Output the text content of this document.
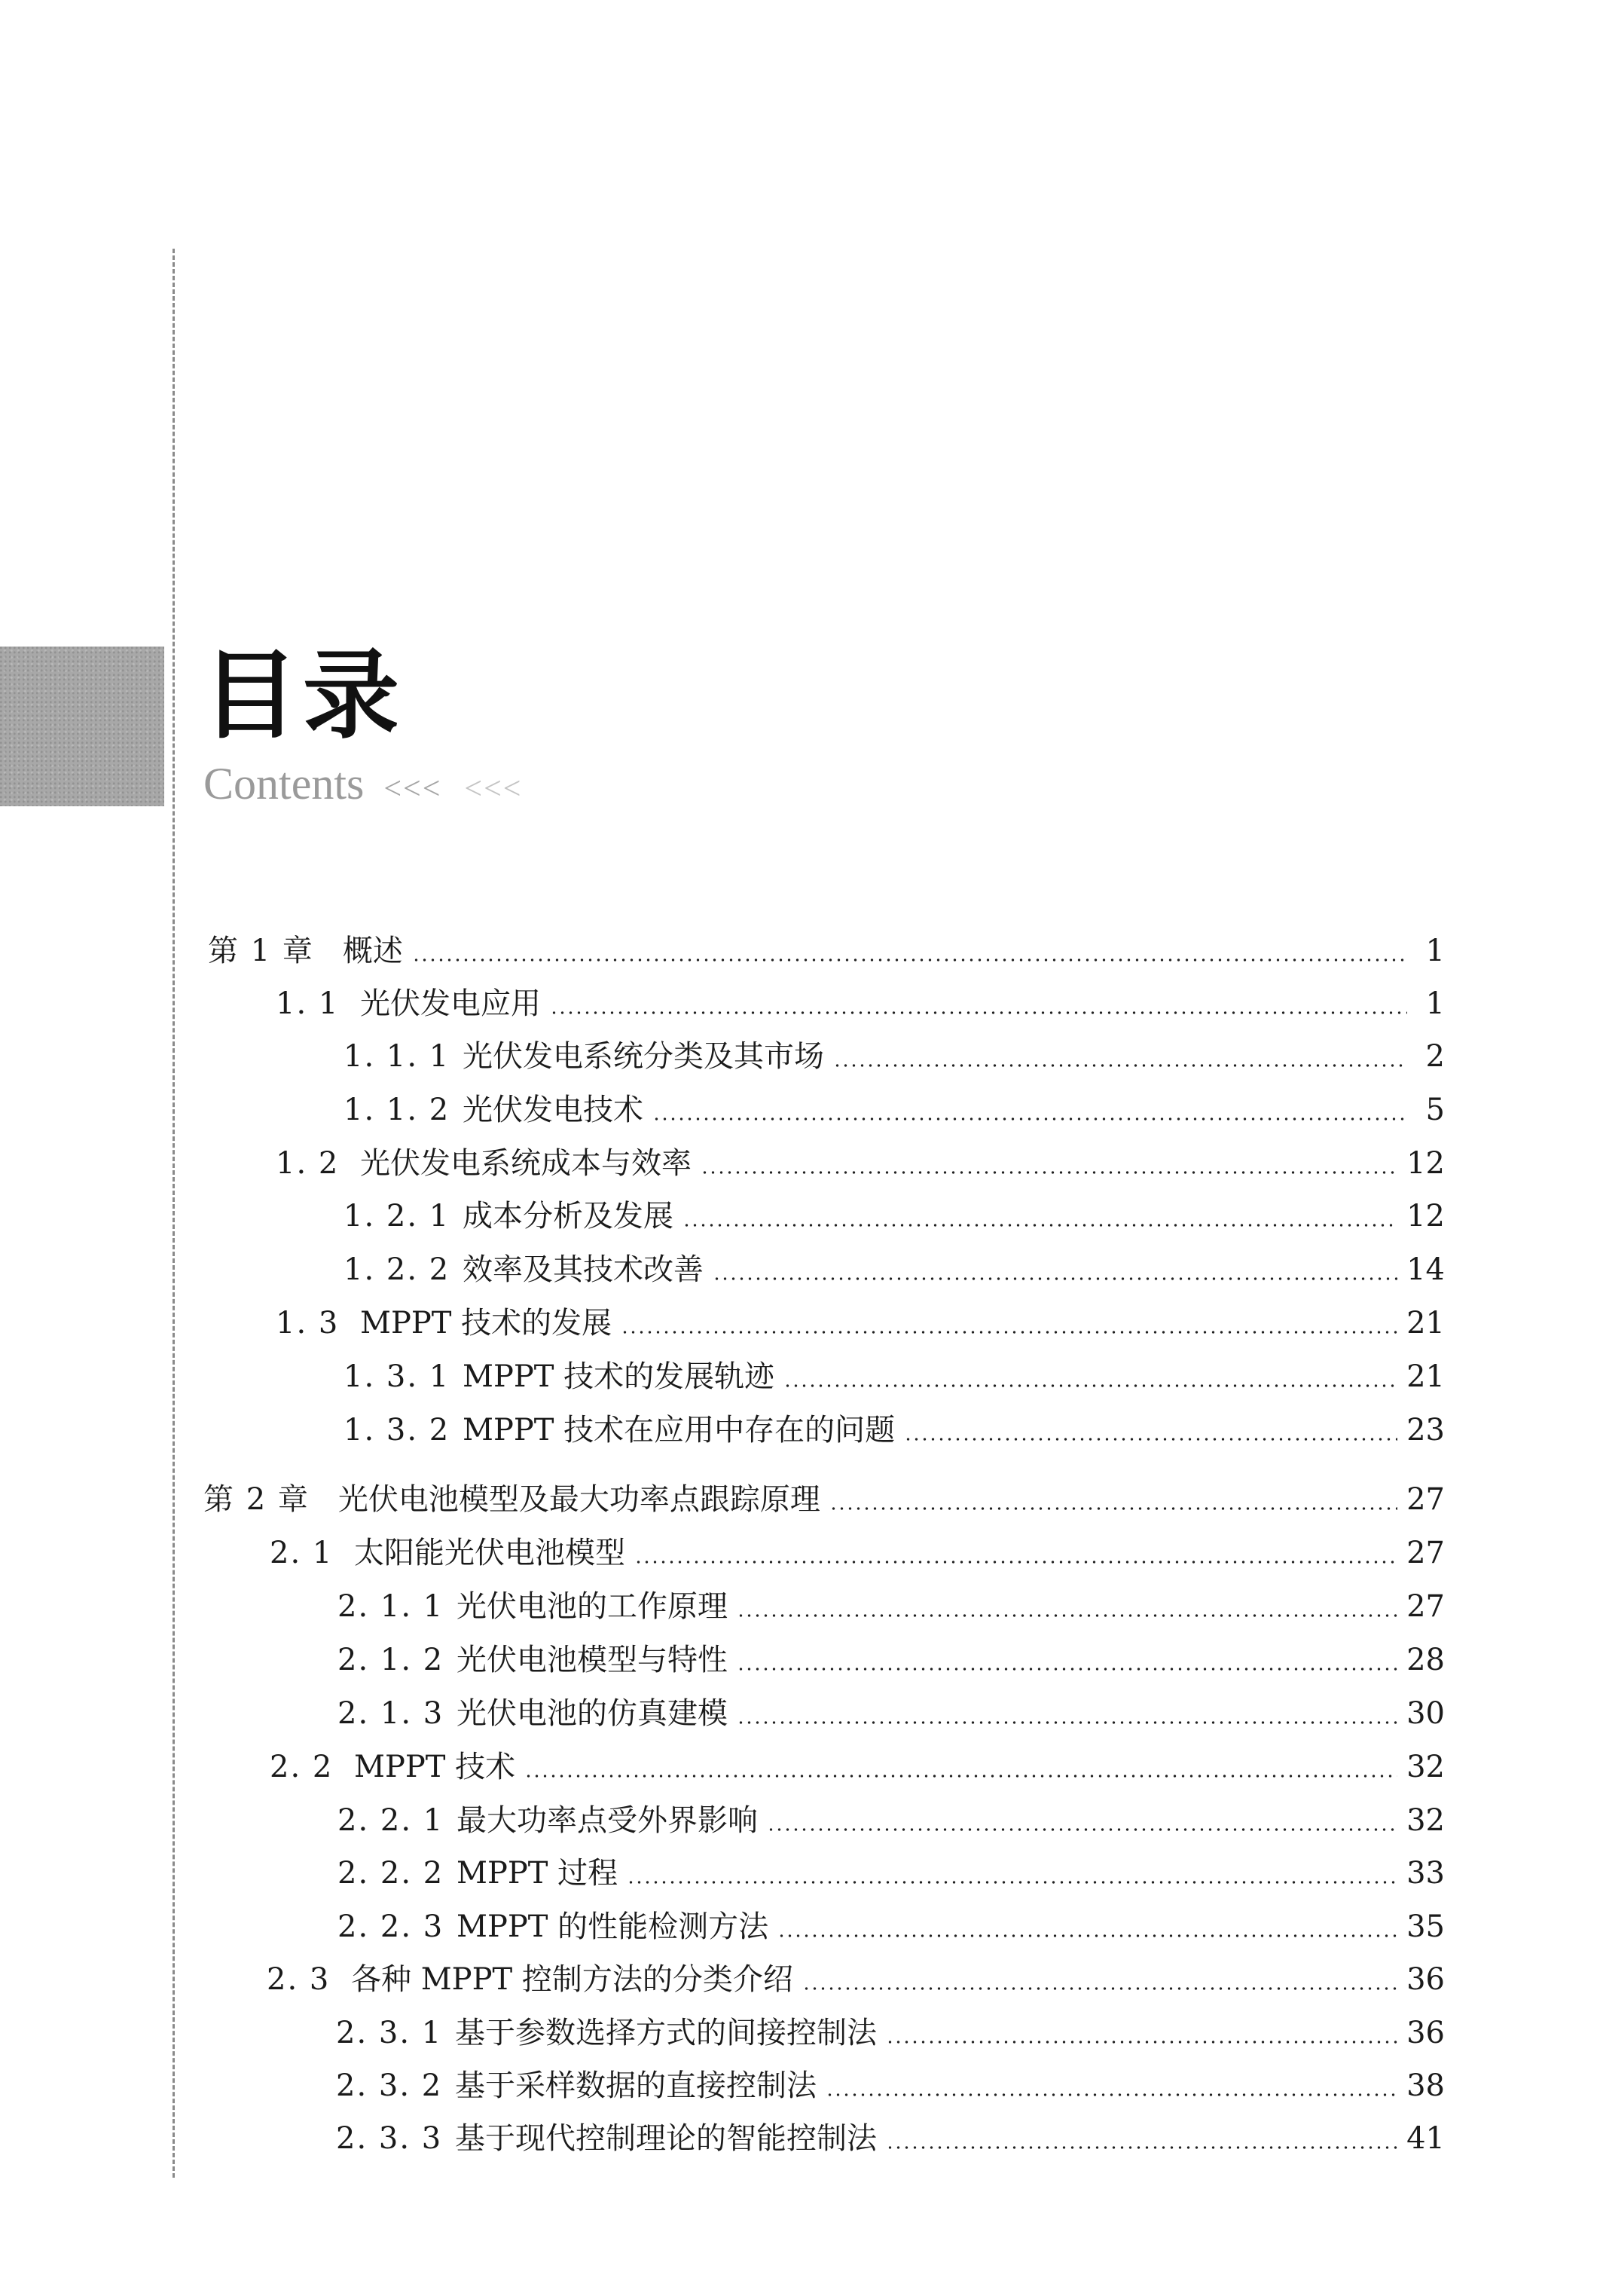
目录
Contents <<< <<<
第 1 章 概述	1
1. 1 光伏发电应用	1
1. 1. 1 光伏发电系统分类及其市场	2
1. 1. 2 光伏发电技术	5
1. 2 光伏发电系统成本与效率	12
1. 2. 1 成本分析及发展	12
1. 2. 2 效率及其技术改善	14
1. 3 MPPT 技术的发展	21
1. 3. 1 MPPT 技术的发展轨迹	21
1. 3. 2 MPPT 技术在应用中存在的问题	23
第 2 章 光伏电池模型及最大功率点跟踪原理	27
2. 1 太阳能光伏电池模型	27
2. 1. 1 光伏电池的工作原理	27
2. 1. 2 光伏电池模型与特性	28
2. 1. 3 光伏电池的仿真建模	30
2. 2 MPPT 技术	32
2. 2. 1 最大功率点受外界影响	32
2. 2. 2 MPPT 过程	33
2. 2. 3 MPPT 的性能检测方法	35
2. 3 各种 MPPT 控制方法的分类介绍	36
2. 3. 1 基于参数选择方式的间接控制法	36
2. 3. 2 基于采样数据的直接控制法	38
2. 3. 3 基于现代控制理论的智能控制法	41
